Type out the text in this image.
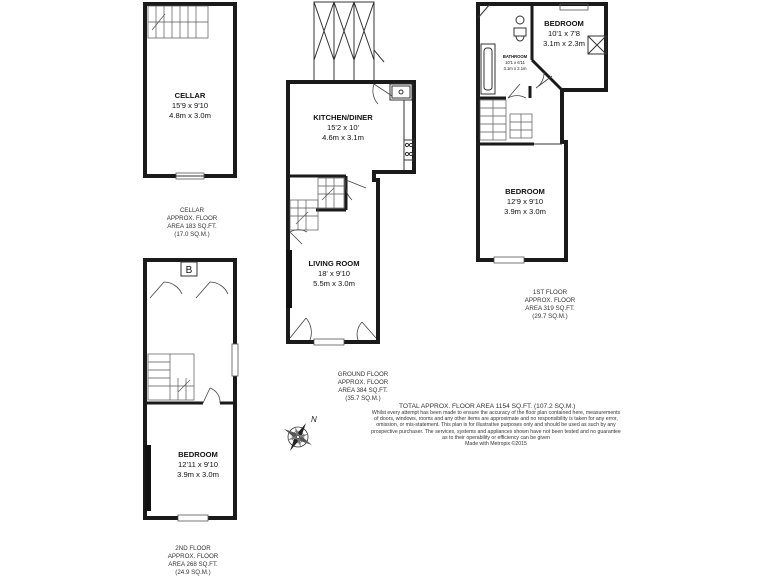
CELLAR
15'9 x 9'10
4.8m x 3.0m
CELLAR
APPROX. FLOOR
AREA 183 SQ.FT.
(17.0 SQ.M.)
B
BEDROOM
12'11 x 9'10
3.9m x 3.0m
2ND FLOOR
APPROX. FLOOR
AREA 268 SQ.FT.
(24.9 SQ.M.)
KITCHEN/DINER
15'2 x 10'
4.6m x 3.1m
LIVING ROOM
18' x 9'10
5.5m x 3.0m
GROUND FLOOR
APPROX. FLOOR
AREA 384 SQ.FT.
(35.7 SQ.M.)
BEDROOM
10'1 x 7'8
3.1m x 2.3m
BATHROOM
10'1 x 6'11
3.1m x 2.1m
BEDROOM
12'9 x 9'10
3.9m x 3.0m
1ST FLOOR
APPROX. FLOOR
AREA 319 SQ.FT.
(29.7 SQ.M.)
N
TOTAL APPROX. FLOOR AREA 1154 SQ.FT. (107.2 SQ.M.)
Whilst every attempt has been made to ensure the accuracy of the floor plan contained here, measurements
of doors, windows, rooms and any other items are approximate and no responsibility is taken for any error,
omission, or mis-statement. This plan is for illustrative purposes only and should be used as such by any
prospective purchaser. The services, systems and appliances shown have not been tested and no guarantee
as to their operability or efficiency can be given
Made with Metropix ©2015
